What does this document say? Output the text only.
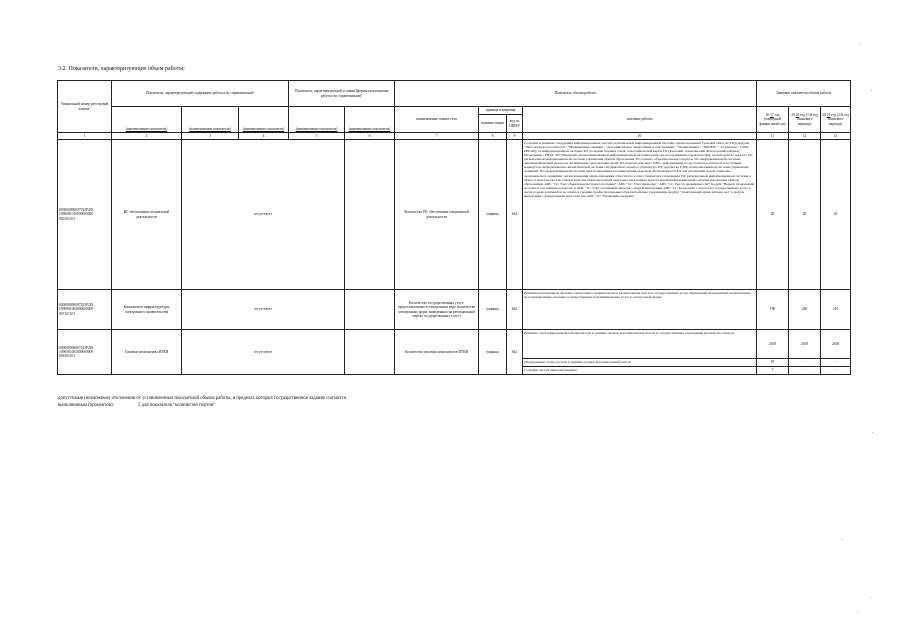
3.2. Показатели, характеризующие объем работы:
Уникальный номер реестровой записи²	Показатель, характеризующий содержание работы (по справочникам)²			Показатель, характеризующий условия (формы) выполнения работы (по справочникам)²		Показатель объема работы²				Значение показателя объема работы		
	(наименование показателя)	(наименование показателя)	(наименование показателя)	(наименование показателя)	(наименование показателя)	наименование показа-теля	единица измерения		описание работы	20 17 год (очередной финансовый год)	20 18 год (1-й год планового периода)	20 19 год (2-й год планового периода)
							наимено-вание	код по ОКЕИ³				
1	2	3	4	5	6	7	8	9	10	11	12	13
000000000007023P283 1090081010000000000 000101101	ИС обеспечения специальной деятельности	отсутствует				Количество ИС обеспечения специальной деятельности	единица	642	Создание и развитие следующих информационных систем: региональной информационной системы здравоохранения Тульской области (ТО) (модули: "Лист нетрудоспособности", "Медицинские справки", "Дополнительное лекарственное обеспечение", "Поликлиника", "ТФОМС", "Стационар", СМП, РИСАР); геоинформационной системы ТО (создание базовых слоев топографической карты ТО (Заокский, Алексинский, Ясногорский районы); Интеграция с РНАС ТО; Внедрение автоматизированной информационной системы контроля и координации строительства); транспортного портала ТО; региональной информационной системы управления сферой образования ТО; единого образовательного портала ТО; информационной системы, автоматизирующей процессы организации оздоровления детей ТО; портала для лиц с ОВЗ с информацией по доступности объектов и доступных маршрутов; информационно-аналитической системы ситуационного центра губернатора ТО; доработка СЭМ; централизованной системы управления архивами ТО; информационной системы прогнозирования и планирования кадровой обеспеченности ТО для реализации целей социально-экономического развития; органов ведения здравоохранения областного особого бюджетного взыскания ТО; региональной информационной системы в сфере строительства ТО; оценки качества образовательной деятельности в рамках региональной информационной системы управления сферой образования; АИС "1С: Учет объектов культурного наследия"; АИС "1С: Учет процедур"; АИС "1С: Реестр недвижимости"; модуля "Выдача разрешений на добычу охотничьих ресурсов" в АИС "1С: Учет охотничьих билетов", модуля интеграции АИС "1С: Колледжи" с порталом государственных услуг в части подачи документов на запись в средние профессиональные образовательные учреждения, модуля "Электронный архив личных дел" в модуле интеграции с федеральным порталом для АИС "1С: Управление кадрами".	20	20	20
000000000007023P283 1090081004000000000 007101101	Компоненты инфраструктуры электронного правительства	отсутствует				Количество государственных услуг, предоставляемых в электронном виде (количество электронных форм, выведенных на региональный портал государственных услуг)	единица	642	Развитие региональной системы электронного правительства в региональном портале государственных услуг. Проведение мероприятий, направленных на популяризацию оказания государственных и муниципальных услуг в электронной форме.	180	200	210
000000000007023P283 1090081005000000000 006101101	Типовые компоненты ИТКИ	отсутствует				Количество типовых компонентов ИТКИ	единица	642	Развитие структурированной кабельной сети в зданиях органов исполнительной власти и государственных учреждений (количество портов)	2100	2100	2100
									Оборудование точек доступа в зданиях органов исполнительной власти	18	-	-
									Создание систем видеонаблюдения	7	-	-
допустимые (возможные) отклонения от установленных показателей объема работы, в пределах которых государственное задание считается
выполненным (процентов):	5 для показателя "количество портов"
